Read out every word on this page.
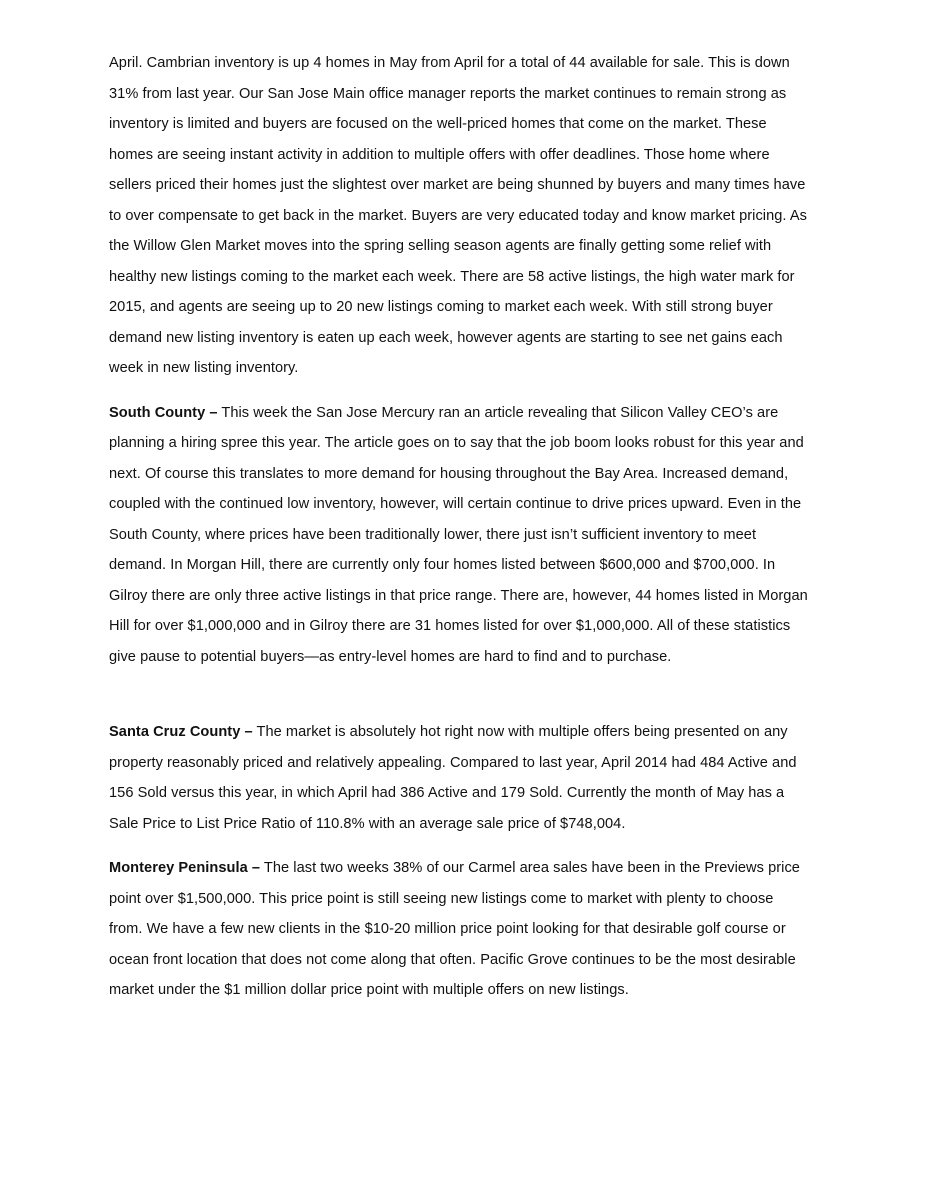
April. Cambrian inventory is up 4 homes in May from April for a total of 44 available for sale. This is down 31% from last year. Our San Jose Main office manager reports the market continues to remain strong as inventory is limited and buyers are focused on the well-priced homes that come on the market. These homes are seeing instant activity in addition to multiple offers with offer deadlines. Those home where sellers priced their homes just the slightest over market are being shunned by buyers and many times have to over compensate to get back in the market. Buyers are very educated today and know market pricing. As the Willow Glen Market moves into the spring selling season agents are finally getting some relief with healthy new listings coming to the market each week. There are 58 active listings, the high water mark for 2015, and agents are seeing up to 20 new listings coming to market each week. With still strong buyer demand new listing inventory is eaten up each week, however agents are starting to see net gains each week in new listing inventory.

South County – This week the San Jose Mercury ran an article revealing that Silicon Valley CEO’s are planning a hiring spree this year. The article goes on to say that the job boom looks robust for this year and next. Of course this translates to more demand for housing throughout the Bay Area. Increased demand, coupled with the continued low inventory, however, will certain continue to drive prices upward. Even in the South County, where prices have been traditionally lower, there just isn’t sufficient inventory to meet demand. In Morgan Hill, there are currently only four homes listed between $600,000 and $700,000. In Gilroy there are only three active listings in that price range. There are, however, 44 homes listed in Morgan Hill for over $1,000,000 and in Gilroy there are 31 homes listed for over $1,000,000. All of these statistics give pause to potential buyers—as entry-level homes are hard to find and to purchase.

Santa Cruz County – The market is absolutely hot right now with multiple offers being presented on any property reasonably priced and relatively appealing. Compared to last year, April 2014 had 484 Active and 156 Sold versus this year, in which April had 386 Active and 179 Sold. Currently the month of May has a Sale Price to List Price Ratio of 110.8% with an average sale price of $748,004.

Monterey Peninsula – The last two weeks 38% of our Carmel area sales have been in the Previews price point over $1,500,000. This price point is still seeing new listings come to market with plenty to choose from. We have a few new clients in the $10-20 million price point looking for that desirable golf course or ocean front location that does not come along that often. Pacific Grove continues to be the most desirable market under the $1 million dollar price point with multiple offers on new listings.
